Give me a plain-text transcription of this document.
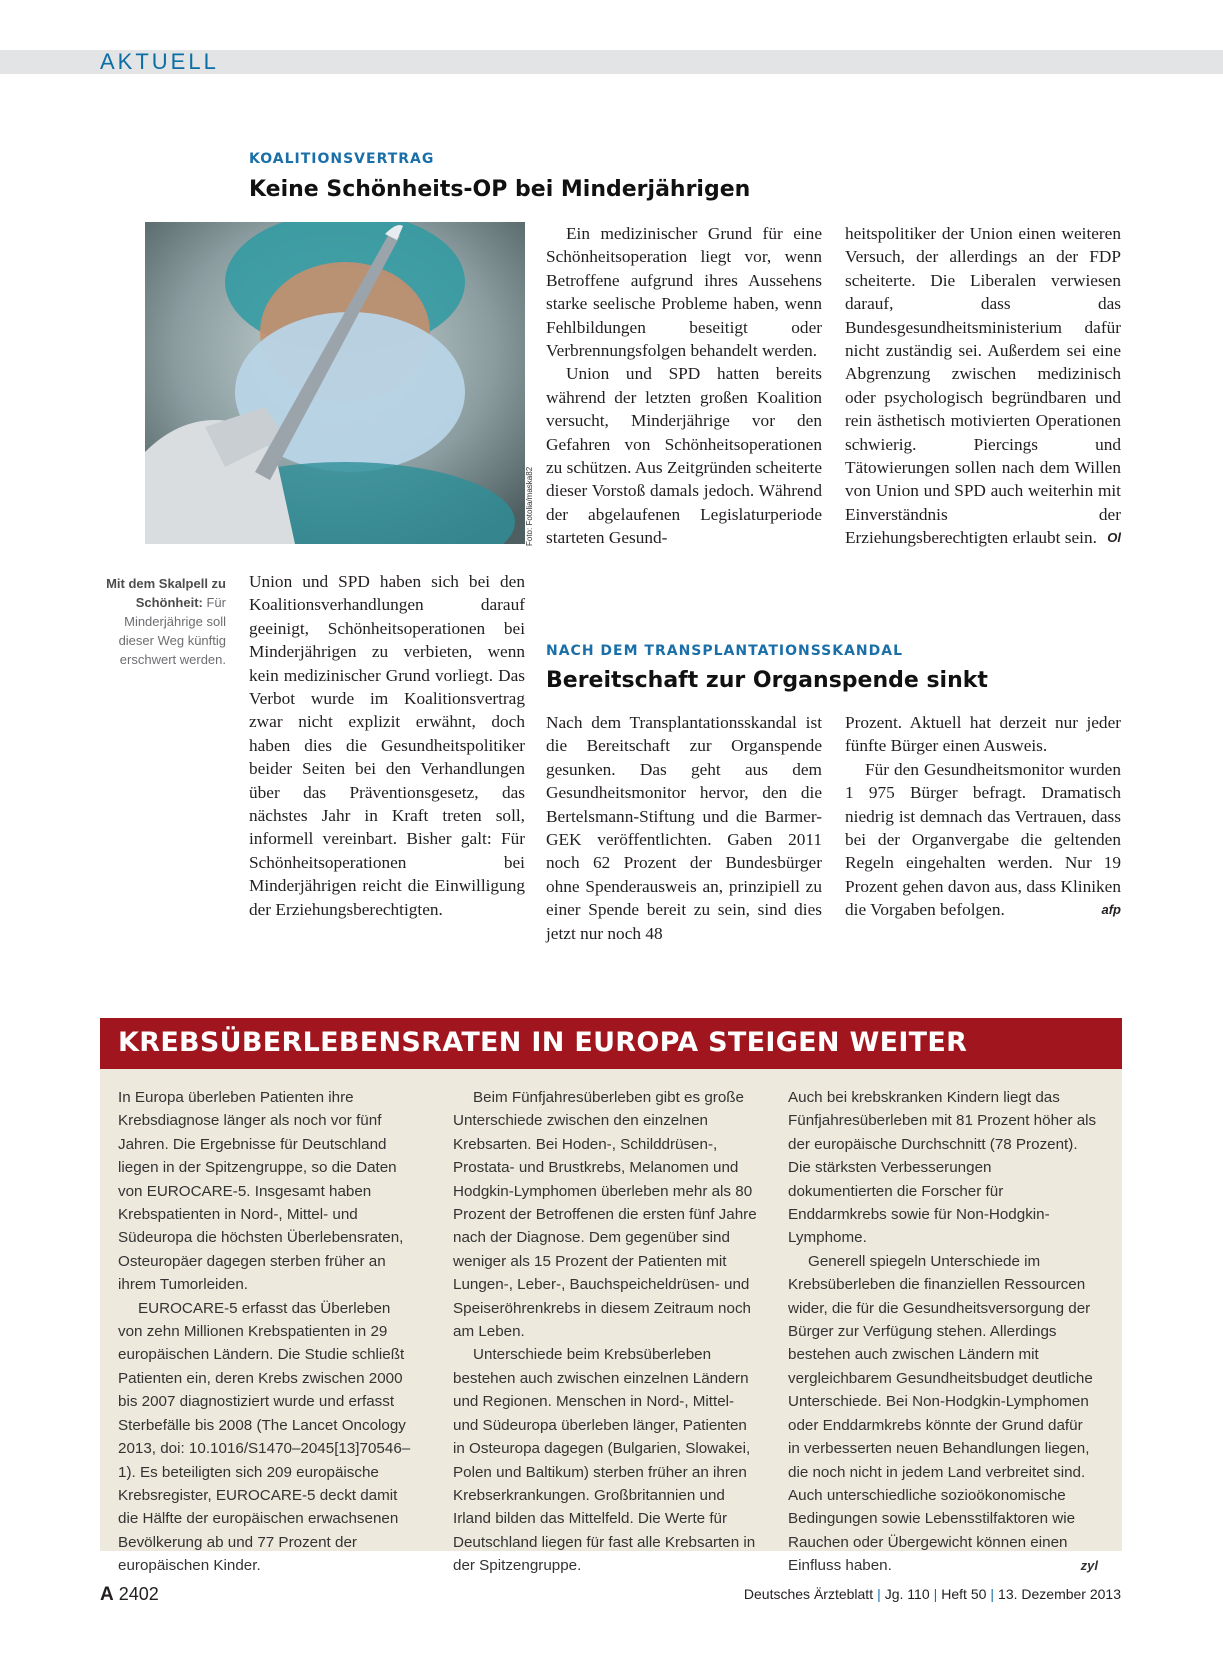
AKTUELL
KOALITIONSVERTRAG
Keine Schönheits-OP bei Minderjährigen
Foto: Fotolia/maska82
Mit dem Skalpell zu Schönheit: Für Minderjährige soll dieser Weg künftig erschwert werden.

Union und SPD haben sich bei den Koalitionsverhandlungen darauf geeinigt, Schönheitsoperationen bei Minderjährigen zu verbieten, wenn kein medizinischer Grund vorliegt. Das Verbot wurde im Koalitionsvertrag zwar nicht explizit erwähnt, doch haben dies die Gesundheitspolitiker beider Seiten bei den Verhandlungen über das Präventionsgesetz, das nächstes Jahr in Kraft treten soll, informell vereinbart. Bisher galt: Für Schönheitsoperationen bei Minderjährigen reicht die Einwilligung der Erziehungsberechtigten.

Ein medizinischer Grund für eine Schönheitsoperation liegt vor, wenn Betroffene aufgrund ihres Aussehens starke seelische Probleme haben, wenn Fehlbildungen beseitigt oder Verbrennungsfolgen behandelt werden.

Union und SPD hatten bereits während der letzten großen Koalition versucht, Minderjährige vor den Gefahren von Schönheitsoperationen zu schützen. Aus Zeitgründen scheiterte dieser Vorstoß damals jedoch. Während der abgelaufenen Legislaturperiode starteten Gesund-

heitspolitiker der Union einen weiteren Versuch, der allerdings an der FDP scheiterte. Die Liberalen verwiesen darauf, dass das Bundesgesundheitsministerium dafür nicht zuständig sei. Außerdem sei eine Abgrenzung zwischen medizinisch oder psychologisch begründbaren und rein ästhetisch motivierten Operationen schwierig. Piercings und Tätowierungen sollen nach dem Willen von Union und SPD auch weiterhin mit Einverständnis der Erziehungsberechtigten erlaubt sein. Ol

NACH DEM TRANSPLANTATIONSSKANDAL
Bereitschaft zur Organspende sinkt

Nach dem Transplantationsskandal ist die Bereitschaft zur Organspende gesunken. Das geht aus dem Gesundheitsmonitor hervor, den die Bertelsmann-Stiftung und die Barmer-GEK veröffentlichten. Gaben 2011 noch 62 Prozent der Bundesbürger ohne Spenderausweis an, prinzipiell zu einer Spende bereit zu sein, sind dies jetzt nur noch 48

Prozent. Aktuell hat derzeit nur jeder fünfte Bürger einen Ausweis.

Für den Gesundheitsmonitor wurden 1 975 Bürger befragt. Dramatisch niedrig ist demnach das Vertrauen, dass bei der Organvergabe die geltenden Regeln eingehalten werden. Nur 19 Prozent gehen davon aus, dass Kliniken die Vorgaben befolgen.	afp

KREBSÜBERLEBENSRATEN IN EUROPA STEIGEN WEITER

In Europa überleben Patienten ihre Krebsdiagnose länger als noch vor fünf Jahren. Die Ergebnisse für Deutschland liegen in der Spitzengruppe, so die Daten von EUROCARE-5. Insgesamt haben Krebspatienten in Nord-, Mittel- und Südeuropa die höchsten Überlebensraten, Osteuropäer dagegen sterben früher an ihrem Tumorleiden.

EUROCARE-5 erfasst das Überleben von zehn Millionen Krebspatienten in 29 europäischen Ländern. Die Studie schließt Patienten ein, deren Krebs zwischen 2000 bis 2007 diagnostiziert wurde und erfasst Sterbefälle bis 2008 (The Lancet Oncology 2013, doi: 10.1016/S1470–2045[13]70546–1). Es beteiligten sich 209 europäische Krebsregister, EUROCARE-5 deckt damit die Hälfte der europäischen erwachsenen Bevölkerung ab und 77 Prozent der europäischen Kinder.

Beim Fünfjahresüberleben gibt es große Unterschiede zwischen den einzelnen Krebsarten. Bei Hoden-, Schilddrüsen-, Prostata- und Brustkrebs, Melanomen und Hodgkin-Lymphomen überleben mehr als 80 Prozent der Betroffenen die ersten fünf Jahre nach der Diagnose. Dem gegenüber sind weniger als 15 Prozent der Patienten mit Lungen-, Leber-, Bauchspeicheldrüsen- und Speiseröhrenkrebs in diesem Zeitraum noch am Leben.

Unterschiede beim Krebsüberleben bestehen auch zwischen einzelnen Ländern und Regionen. Menschen in Nord-, Mittel- und Südeuropa überleben länger, Patienten in Osteuropa dagegen (Bulgarien, Slowakei, Polen und Baltikum) sterben früher an ihren Krebserkrankungen. Großbritannien und Irland bilden das Mittelfeld. Die Werte für Deutschland liegen für fast alle Krebsarten in der Spitzengruppe.

Auch bei krebskranken Kindern liegt das Fünfjahresüberleben mit 81 Prozent höher als der europäische Durchschnitt (78 Prozent). Die stärksten Verbesserungen dokumentierten die Forscher für Enddarmkrebs sowie für Non-Hodgkin-Lymphome.

Generell spiegeln Unterschiede im Krebsüberleben die finanziellen Ressourcen wider, die für die Gesundheitsversorgung der Bürger zur Verfügung stehen. Allerdings bestehen auch zwischen Ländern mit vergleichbarem Gesundheitsbudget deutliche Unterschiede. Bei Non-Hodgkin-Lymphomen oder Enddarmkrebs könnte der Grund dafür in verbesserten neuen Behandlungen liegen, die noch nicht in jedem Land verbreitet sind. Auch unterschiedliche sozioökonomische Bedingungen sowie Lebensstilfaktoren wie Rauchen oder Übergewicht können einen Einfluss haben.	zyl

A 2402	Deutsches Ärzteblatt | Jg. 110 | Heft 50 | 13. Dezember 2013
